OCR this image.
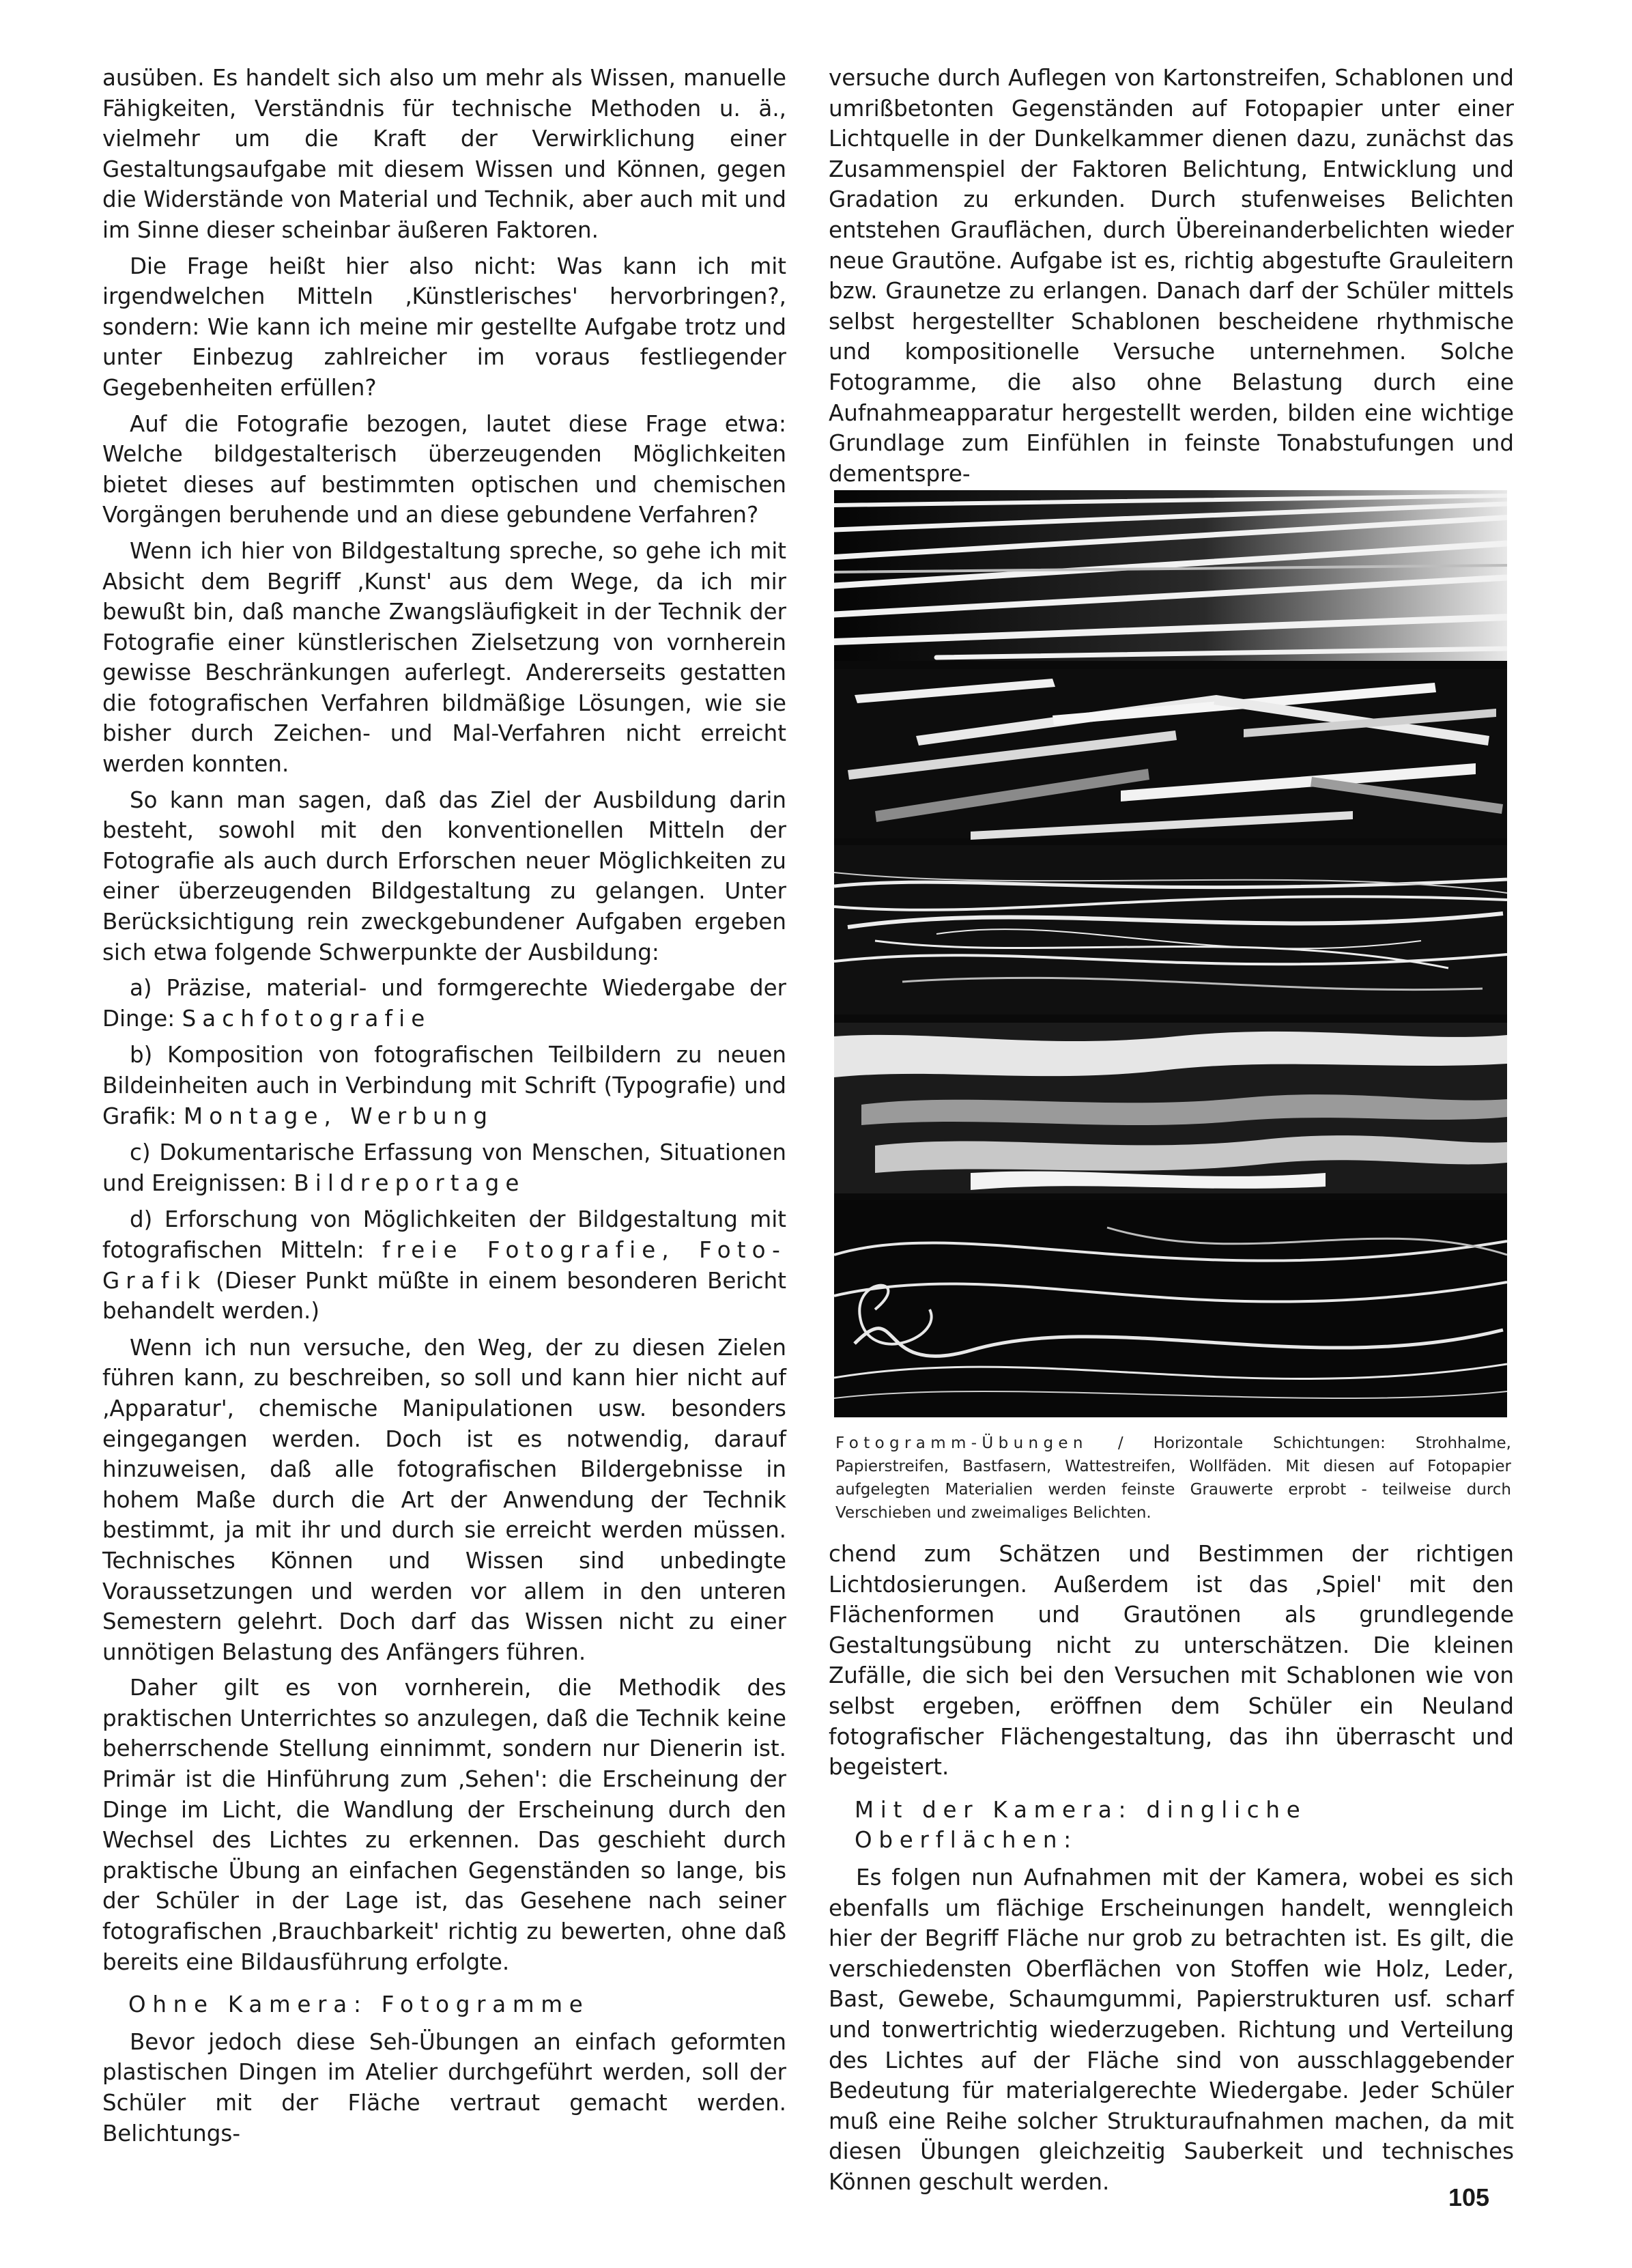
ausüben. Es handelt sich also um mehr als Wissen, manuelle Fähigkeiten, Verständnis für technische Methoden u. ä., vielmehr um die Kraft der Verwirklichung einer Gestaltungsaufgabe mit diesem Wissen und Können, gegen die Widerstände von Material und Technik, aber auch mit und im Sinne dieser scheinbar äußeren Faktoren.

Die Frage heißt hier also nicht: Was kann ich mit irgendwelchen Mitteln ‚Künstlerisches' hervorbringen?, sondern: Wie kann ich meine mir gestellte Aufgabe trotz und unter Einbezug zahlreicher im voraus festliegender Gegebenheiten erfüllen?

Auf die Fotografie bezogen, lautet diese Frage etwa: Welche bildgestalterisch überzeugenden Möglichkeiten bietet dieses auf bestimmten optischen und chemischen Vorgängen beruhende und an diese gebundene Verfahren?

Wenn ich hier von Bildgestaltung spreche, so gehe ich mit Absicht dem Begriff ‚Kunst' aus dem Wege, da ich mir bewußt bin, daß manche Zwangsläufigkeit in der Technik der Fotografie einer künstlerischen Zielsetzung von vornherein gewisse Beschränkungen auferlegt. Andererseits gestatten die fotografischen Verfahren bildmäßige Lösungen, wie sie bisher durch Zeichen- und Mal-Verfahren nicht erreicht werden konnten.

So kann man sagen, daß das Ziel der Ausbildung darin besteht, sowohl mit den konventionellen Mitteln der Fotografie als auch durch Erforschen neuer Möglichkeiten zu einer überzeugenden Bildgestaltung zu gelangen. Unter Berücksichtigung rein zweckgebundener Aufgaben ergeben sich etwa folgende Schwerpunkte der Ausbildung:

a) Präzise, material- und formgerechte Wiedergabe der Dinge: Sachfotografie

b) Komposition von fotografischen Teilbildern zu neuen Bildeinheiten auch in Verbindung mit Schrift (Typografie) und Grafik: Montage, Werbung

c) Dokumentarische Erfassung von Menschen, Situationen und Ereignissen: Bildreportage

d) Erforschung von Möglichkeiten der Bildgestaltung mit fotografischen Mitteln: freie Fotografie, Foto-Grafik (Dieser Punkt müßte in einem besonderen Bericht behandelt werden.)

Wenn ich nun versuche, den Weg, der zu diesen Zielen führen kann, zu beschreiben, so soll und kann hier nicht auf ‚Apparatur', chemische Manipulationen usw. besonders eingegangen werden. Doch ist es notwendig, darauf hinzuweisen, daß alle fotografischen Bildergebnisse in hohem Maße durch die Art der Anwendung der Technik bestimmt, ja mit ihr und durch sie erreicht werden müssen. Technisches Können und Wissen sind unbedingte Voraussetzungen und werden vor allem in den unteren Semestern gelehrt. Doch darf das Wissen nicht zu einer unnötigen Belastung des Anfängers führen.

Daher gilt es von vornherein, die Methodik des praktischen Unterrichtes so anzulegen, daß die Technik keine beherrschende Stellung einnimmt, sondern nur Dienerin ist. Primär ist die Hinführung zum ‚Sehen': die Erscheinung der Dinge im Licht, die Wandlung der Erscheinung durch den Wechsel des Lichtes zu erkennen. Das geschieht durch praktische Übung an einfachen Gegenständen so lange, bis der Schüler in der Lage ist, das Gesehene nach seiner fotografischen ‚Brauchbarkeit' richtig zu bewerten, ohne daß bereits eine Bildausführung erfolgte.

Ohne Kamera: Fotogramme

Bevor jedoch diese Seh-Übungen an einfach geformten plastischen Dingen im Atelier durchgeführt werden, soll der Schüler mit der Fläche vertraut gemacht werden. Belichtungs-

versuche durch Auflegen von Kartonstreifen, Schablonen und umrißbetonten Gegenständen auf Fotopapier unter einer Lichtquelle in der Dunkelkammer dienen dazu, zunächst das Zusammenspiel der Faktoren Belichtung, Entwicklung und Gradation zu erkunden. Durch stufenweises Belichten entstehen Grauflächen, durch Übereinanderbelichten wieder neue Grautöne. Aufgabe ist es, richtig abgestufte Grauleitern bzw. Graunetze zu erlangen. Danach darf der Schüler mittels selbst hergestellter Schablonen bescheidene rhythmische und kompositionelle Versuche unternehmen. Solche Fotogramme, die also ohne Belastung durch eine Aufnahmeapparatur hergestellt werden, bilden eine wichtige Grundlage zum Einfühlen in feinste Tonabstufungen und dementspre-

Fotogramm-Übungen / Horizontale Schichtungen: Strohhalme, Papierstreifen, Bastfasern, Wattestreifen, Wollfäden. Mit diesen auf Fotopapier aufgelegten Materialien werden feinste Grauwerte erprobt - teilweise durch Verschieben und zweimaliges Belichten.

chend zum Schätzen und Bestimmen der richtigen Lichtdosierungen. Außerdem ist das ‚Spiel' mit den Flächenformen und Grautönen als grundlegende Gestaltungsübung nicht zu unterschätzen. Die kleinen Zufälle, die sich bei den Versuchen mit Schablonen wie von selbst ergeben, eröffnen dem Schüler ein Neuland fotografischer Flächengestaltung, das ihn überrascht und begeistert.

Mit der Kamera: dingliche Oberflächen:

Es folgen nun Aufnahmen mit der Kamera, wobei es sich ebenfalls um flächige Erscheinungen handelt, wenngleich hier der Begriff Fläche nur grob zu betrachten ist. Es gilt, die verschiedensten Oberflächen von Stoffen wie Holz, Leder, Bast, Gewebe, Schaumgummi, Papierstrukturen usf. scharf und tonwertrichtig wiederzugeben. Richtung und Verteilung des Lichtes auf der Fläche sind von ausschlaggebender Bedeutung für materialgerechte Wiedergabe. Jeder Schüler muß eine Reihe solcher Strukturaufnahmen machen, da mit diesen Übungen gleichzeitig Sauberkeit und technisches Können geschult werden.

105
